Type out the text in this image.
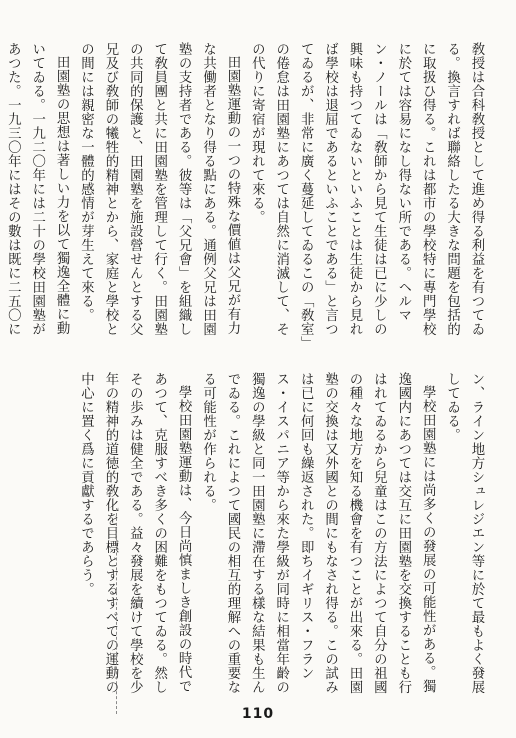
敎授は合科敎授として進め得る利益を有つてゐる。換言すれば聯絡したる大きな問題を包括的に取扱ひ得る。これは都市の學校特に專門學校に於ては容易になし得ない所である。ヘルマン・ノールは「敎師から見て生徒は已に少しの興味も持つてゐないといふことは生徒から見れば學校は退屈であるといふことである」と言つてゐるが、非常に廣く蔓延してゐるこの「敎室」の倦怠は田園塾にあつては自然に消滅して、その代りに寄宿が現れて來る。

田園塾運動の一つの特殊な價値は父兄が有力な共働者となり得る點にある。通例父兄は田園塾の支持者である。彼等は「父兄會」を組織して敎員團と共に田園塾を管理して行く。田園塾の共同的保護と、田園塾を施設營せんとする父兄及び敎師の犧牲的精神とから、家庭と學校との間には親密な一體的感情が芽生えて來る。

田園塾の思想は著しい力を以て獨逸全體に動いてゐる。一九二〇年には二十の學校田園塾があつた。一九三〇年にはその數は既に二五〇に

ン、ライン地方シュレジエン等に於て最もよく發展してゐる。

學校田園塾には尚多くの發展の可能性がある。獨逸國内にあつては交互に田園塾を交換することも行はれてゐるから兒童はこの方法によつて自分の祖國の種々な地方を知る機會を有つことが出來る。田園塾の交換は又外國との間にもなされ得る。この試みは已に何回も繰返された。即ちイギリス・フランス・イスパニア等から來た學級が同時に相當年齡の獨逸の學級と同一田園塾に滯在する樣な結果も生んでゐる。これによつて國民の相互的理解への重要なる可能性が作られる。

學校田園塾運動は、今日尚慎ましき創設の時代であつて、克服すべき多くの困難をもつてゐる。然しその歩みは健全である。益々發展を續けて學校を少年の精神的道徳的敎化を目標とするすべての運動の中心に置く爲に貢獻するであらう。

110
